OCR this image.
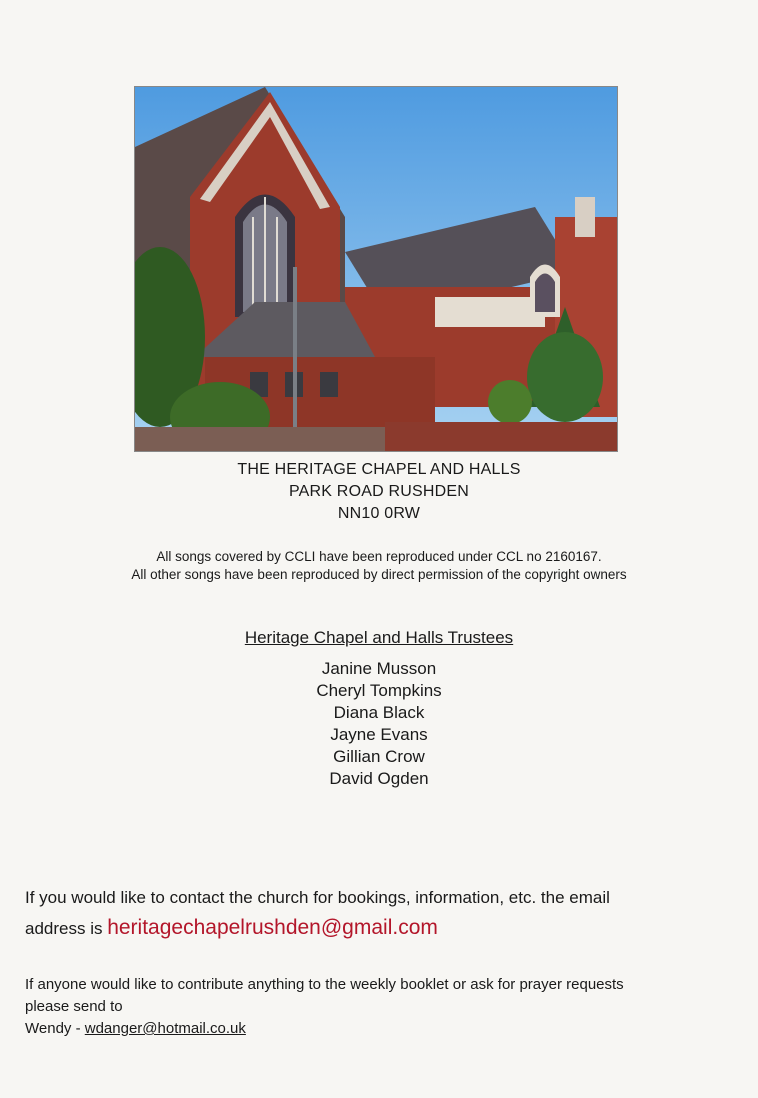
THE HERITAGE CHAPEL AND HALLS
PARK ROAD RUSHDEN
NN10 0RW
All songs covered by CCLI have been reproduced under CCL no 2160167.
All other songs have been reproduced by direct permission of the copyright owners
Heritage Chapel and Halls Trustees
Janine Musson
Cheryl Tompkins
Diana Black
Jayne Evans
Gillian Crow
David Ogden
If you would like to contact the church for bookings, information, etc. the email
address is heritagechapelrushden@gmail.com
If anyone would like to contribute anything to the weekly booklet or ask for prayer requests
please send to
Wendy - wdanger@hotmail.co.uk
